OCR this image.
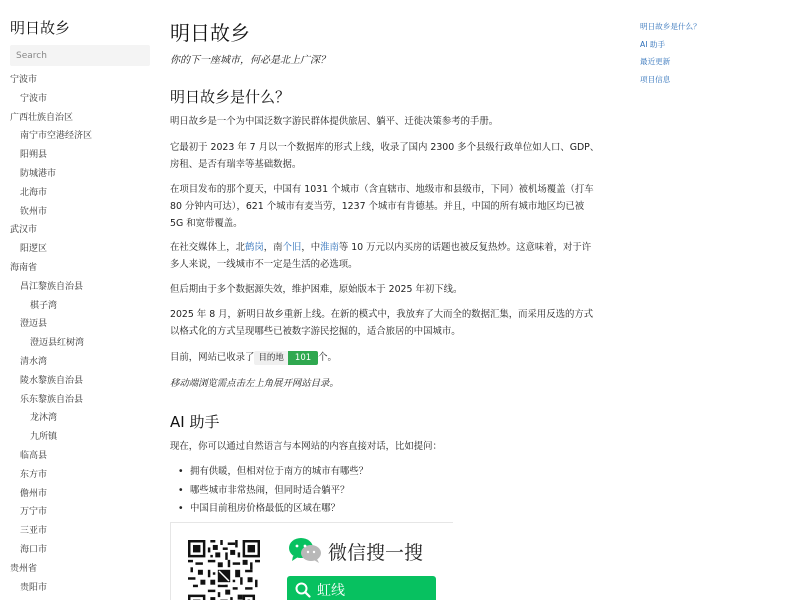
明日故乡
Search
宁波市
宁波市
广西壮族自治区
南宁市空港经济区
阳朔县
防城港市
北海市
钦州市
武汉市
阳逻区
海南省
昌江黎族自治县
棋子湾
澄迈县
澄迈县红树湾
清水湾
陵水黎族自治县
乐东黎族自治县
龙沐湾
九所镇
临高县
东方市
儋州市
万宁市
三亚市
海口市
贵州省
贵阳市
明日故乡

你的下一座城市，何必是北上广深？

明日故乡是什么？

明日故乡是一个为中国泛数字游民群体提供旅居、躺平、迁徙决策参考的手册。

它最初于 2023 年 7 月以一个数据库的形式上线，收录了国内 2300 多个县级行政单位如人口、GDP、
房租、是否有瑞幸等基础数据。

在项目发布的那个夏天，中国有 1031 个城市（含直辖市、地级市和县级市，下同）被机场覆盖（打车
80 分钟内可达），621 个城市有麦当劳，1237 个城市有肯德基。并且，中国的所有城市地区均已被
5G 和宽带覆盖。

在社交媒体上，北鹤岗，南个旧，中淮南等 10 万元以内买房的话题也被反复热炒。这意味着，对于许
多人来说，一线城市不一定是生活的必选项。

但后期由于多个数据源失效，维护困难，原始版本于 2025 年初下线。

2025 年 8 月，新明日故乡重新上线。在新的模式中，我放弃了大而全的数据汇集，而采用反选的方式
以格式化的方式呈现哪些已被数字游民挖掘的，适合旅居的中国城市。

目前，网站已收录了 目的地 101 个。

移动端浏览需点击左上角展开网站目录。

AI 助手

现在，你可以通过自然语言与本网站的内容直接对话，比如提问：

• 拥有供暖，但相对位于南方的城市有哪些？
• 哪些城市非常热闹，但同时适合躺平？
• 中国目前租房价格最低的区域在哪？
微信搜一搜
虹线
明日故乡是什么？
AI 助手
最近更新
项目信息
